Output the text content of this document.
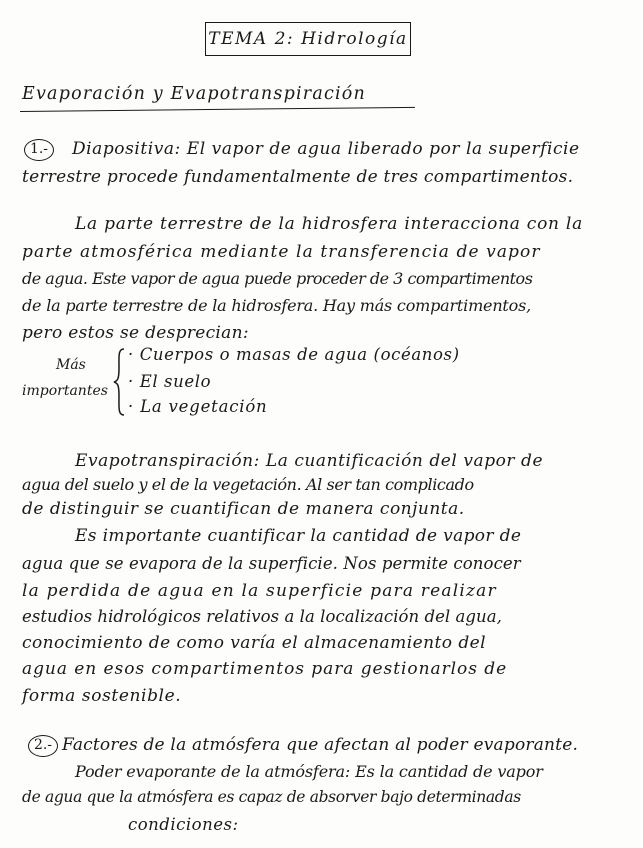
TEMA 2: Hidrología
Evaporación y Evapotranspiración
1.-	Diapositiva: El vapor de agua liberado por la superficie
terrestre procede fundamentalmente de tres compartimentos.
La parte terrestre de la hidrosfera interacciona con la
parte atmosférica mediante la transferencia de vapor
de agua. Este vapor de agua puede proceder de 3 compartimentos
de la parte terrestre de la hidrosfera. Hay más compartimentos,
pero estos se desprecian:
Más
importantes
· Cuerpos o masas de agua (océanos)
· El suelo
· La vegetación
Evapotranspiración: La cuantificación del vapor de
agua del suelo y el de la vegetación. Al ser tan complicado
de distinguir se cuantifican de manera conjunta.
Es importante cuantificar la cantidad de vapor de
agua que se evapora de la superficie. Nos permite conocer
la perdida de agua en la superficie para realizar
estudios hidrológicos relativos a la localización del agua,
conocimiento de como varía el almacenamiento del
agua en esos compartimentos para gestionarlos de
forma sostenible.
2.- Factores de la atmósfera que afectan al poder evaporante.
Poder evaporante de la atmósfera: Es la cantidad de vapor
de agua que la atmósfera es capaz de absorver bajo determinadas
condiciones:
